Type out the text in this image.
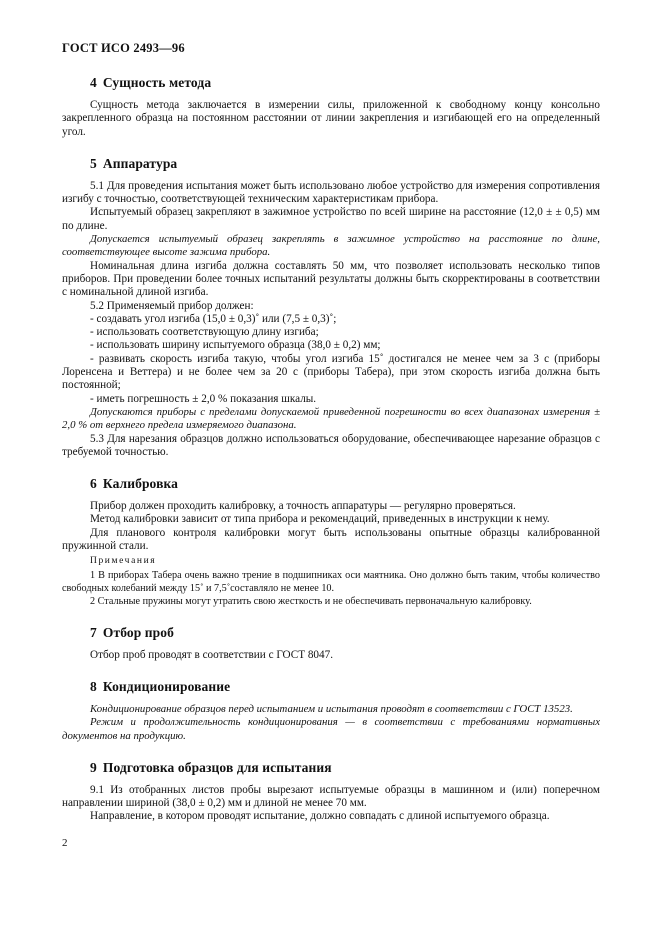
ГОСТ ИСО 2493—96
4 Сущность метода

Сущность метода заключается в измерении силы, приложенной к свободному концу консольно закрепленного образца на постоянном расстоянии от линии закрепления и изгибающей его на определенный угол.

5 Аппаратура

5.1 Для проведения испытания может быть использовано любое устройство для измерения сопротивления изгибу с точностью, соответствующей техническим характеристикам прибора.

Испытуемый образец закрепляют в зажимное устройство по всей ширине на расстояние (12,0 ± ± 0,5) мм по длине.

Допускается испытуемый образец закреплять в зажимное устройство на расстояние по длине, соответствующее высоте зажима прибора.

Номинальная длина изгиба должна составлять 50 мм, что позволяет использовать несколько типов приборов. При проведении более точных испытаний результаты должны быть скорректированы в соответствии с номинальной длиной изгиба.

5.2 Применяемый прибор должен:

- создавать угол изгиба (15,0 ± 0,3)˚ или (7,5 ± 0,3)˚;

- использовать соответствующую длину изгиба;

- использовать ширину испытуемого образца (38,0 ± 0,2) мм;

- развивать скорость изгиба такую, чтобы угол изгиба 15˚ достигался не менее чем за 3 с (приборы Лоренсена и Веттера) и не более чем за 20 с (приборы Табера), при этом скорость изгиба должна быть постоянной;

- иметь погрешность ± 2,0 % показания шкалы.

Допускаются приборы с пределами допускаемой приведенной погрешности во всех диапазонах измерения ± 2,0 % от верхнего предела измеряемого диапазона.

5.3 Для нарезания образцов должно использоваться оборудование, обеспечивающее нарезание образцов с требуемой точностью.

6 Калибровка

Прибор должен проходить калибровку, а точность аппаратуры — регулярно проверяться.

Метод калибровки зависит от типа прибора и рекомендаций, приведенных в инструкции к нему.

Для планового контроля калибровки могут быть использованы опытные образцы калиброванной пружинной стали.

Примечания

1 В приборах Табера очень важно трение в подшипниках оси маятника. Оно должно быть таким, чтобы количество свободных колебаний между 15˚ и 7,5˚составляло не менее 10.

2 Стальные пружины могут утратить свою жесткость и не обеспечивать первоначальную калибровку.

7 Отбор проб

Отбор проб проводят в соответствии с ГОСТ 8047.

8 Кондиционирование

Кондиционирование образцов перед испытанием и испытания проводят в соответствии с ГОСТ 13523.

Режим и продолжительность кондиционирования — в соответствии с требованиями нормативных документов на продукцию.

9 Подготовка образцов для испытания

9.1 Из отобранных листов пробы вырезают испытуемые образцы в машинном и (или) поперечном направлении шириной (38,0 ± 0,2) мм и длиной не менее 70 мм.

Направление, в котором проводят испытание, должно совпадать с длиной испытуемого образца.

2
